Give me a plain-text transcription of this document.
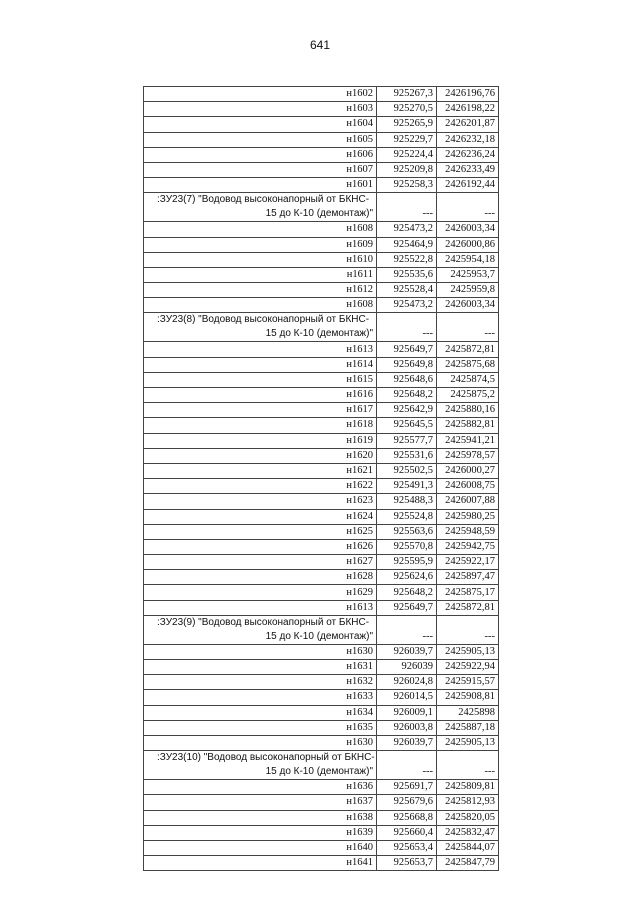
641
н1602	925267,3	2426196,76
н1603	925270,5	2426198,22
н1604	925265,9	2426201,87
н1605	925229,7	2426232,18
н1606	925224,4	2426236,24
н1607	925209,8	2426233,49
н1601	925258,3	2426192,44

:ЗУ23(7) "Водовод высоконапорный от БКНС-
15 до К-10 (демонтаж)"	---	---
н1608	925473,2	2426003,34
н1609	925464,9	2426000,86
н1610	925522,8	2425954,18
н1611	925535,6	2425953,7
н1612	925528,4	2425959,8
н1608	925473,2	2426003,34

:ЗУ23(8) "Водовод высоконапорный от БКНС-
15 до К-10 (демонтаж)"	---	---
н1613	925649,7	2425872,81
н1614	925649,8	2425875,68
н1615	925648,6	2425874,5
н1616	925648,2	2425875,2
н1617	925642,9	2425880,16
н1618	925645,5	2425882,81
н1619	925577,7	2425941,21
н1620	925531,6	2425978,57
н1621	925502,5	2426000,27
н1622	925491,3	2426008,75
н1623	925488,3	2426007,88
н1624	925524,8	2425980,25
н1625	925563,6	2425948,59
н1626	925570,8	2425942,75
н1627	925595,9	2425922,17
н1628	925624,6	2425897,47
н1629	925648,2	2425875,17
н1613	925649,7	2425872,81

:ЗУ23(9) "Водовод высоконапорный от БКНС-
15 до К-10 (демонтаж)"	---	---
н1630	926039,7	2425905,13
н1631	926039	2425922,94
н1632	926024,8	2425915,57
н1633	926014,5	2425908,81
н1634	926009,1	2425898
н1635	926003,8	2425887,18
н1630	926039,7	2425905,13

:ЗУ23(10) "Водовод высоконапорный от БКНС-
15 до К-10 (демонтаж)"	---	---
н1636	925691,7	2425809,81
н1637	925679,6	2425812,93
н1638	925668,8	2425820,05
н1639	925660,4	2425832,47
н1640	925653,4	2425844,07
н1641	925653,7	2425847,79
